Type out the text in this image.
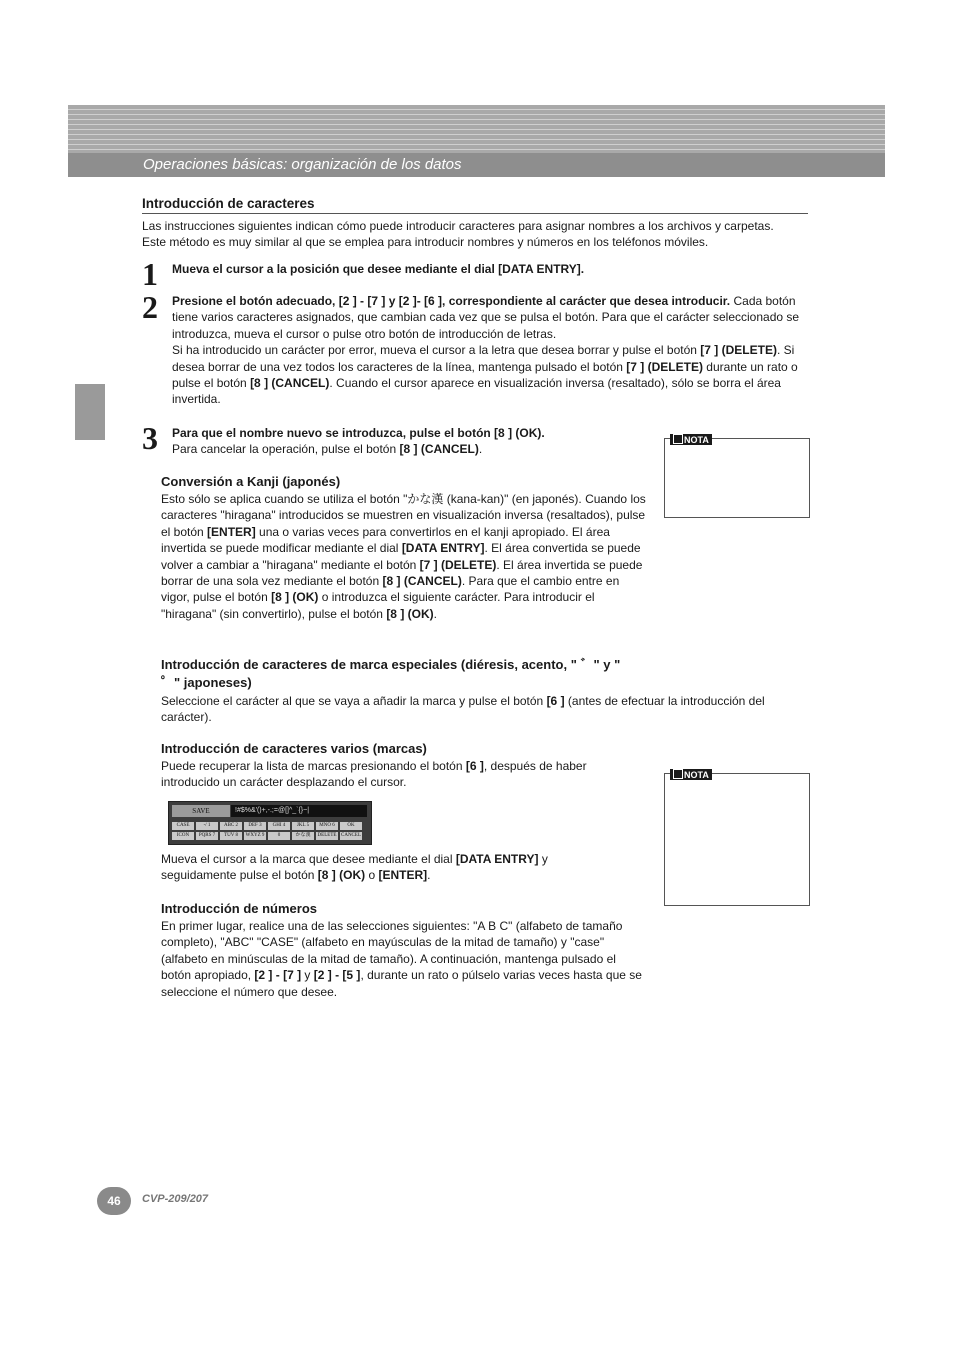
Operaciones básicas: organización de los datos
Introducción de caracteres

Las instrucciones siguientes indican cómo puede introducir caracteres para asignar nombres a los archivos y carpetas.

Este método es muy similar al que se emplea para introducir nombres y números en los teléfonos móviles.

1 Mueva el cursor a la posición que desee mediante el dial [DATA ENTRY].
2 Presione el botón adecuado, [2 ] - [7 ] y [2 ]- [6 ], correspondiente al carácter que desea introducir. Cada botón tiene varios caracteres asignados, que cambian cada vez que se pulsa el botón. Para que el carácter seleccionado se introduzca, mueva el cursor o pulse otro botón de introducción de letras.

Si ha introducido un carácter por error, mueva el cursor a la letra que desea borrar y pulse el botón [7 ] (DELETE). Si desea borrar de una vez todos los caracteres de la línea, mantenga pulsado el botón [7 ] (DELETE) durante un rato o pulse el botón [8 ] (CANCEL). Cuando el cursor aparece en visualización inversa (resaltado), sólo se borra el área invertida.

3 Para que el nombre nuevo se introduzca, pulse el botón [8 ] (OK).

Para cancelar la operación, pulse el botón [8 ] (CANCEL).

NOTA
Conversión a Kanji (japonés)

Esto sólo se aplica cuando se utiliza el botón "かな漢 (kana-kan)" (en japonés). Cuando los caracteres "hiragana" introducidos se muestren en visualización inversa (resaltados), pulse el botón [ENTER] una o varias veces para convertirlos en el kanji apropiado. El área invertida se puede modificar mediante el dial [DATA ENTRY]. El área convertida se puede volver a cambiar a "hiragana" mediante el botón [7 ] (DELETE). El área invertida se puede borrar de una sola vez mediante el botón [8 ] (CANCEL). Para que el cambio entre en vigor, pulse el botón [8 ] (OK) o introduzca el siguiente carácter. Para introducir el "hiragana" (sin convertirlo), pulse el botón [8 ] (OK).

Introducción de caracteres de marca especiales (diéresis, acento, " ゛" y " ゜" japoneses)

Seleccione el carácter al que se vaya a añadir la marca y pulse el botón [6 ] (antes de efectuar la introducción del carácter).

Introducción de caracteres varios (marcas)

Puede recuperar la lista de marcas presionando el botón [6 ], después de haber introducido un carácter desplazando el cursor.

NOTA
SAVE	!#$%&'()+,-.;=@[]^_`{}~|
CASE	-/ 1	ABC 2	DEF 3	GHI 4	JKL 5	MNO 6	OK
ICON	PQRS 7	TUV 8	WXYZ 9	0	かな漢	DELETE CANCEL
Mueva el cursor a la marca que desee mediante el dial [DATA ENTRY] y seguidamente pulse el botón [8 ] (OK) o [ENTER].
Introducción de números

En primer lugar, realice una de las selecciones siguientes: "A B C" (alfabeto de tamaño completo), "ABC" "CASE" (alfabeto en mayúsculas de la mitad de tamaño) y "case" (alfabeto en minúsculas de la mitad de tamaño). A continuación, mantenga pulsado el botón apropiado, [2 ] - [7 ] y [2 ] - [5 ], durante un rato o púlselo varias veces hasta que se seleccione el número que desee.

46	CVP-209/207
